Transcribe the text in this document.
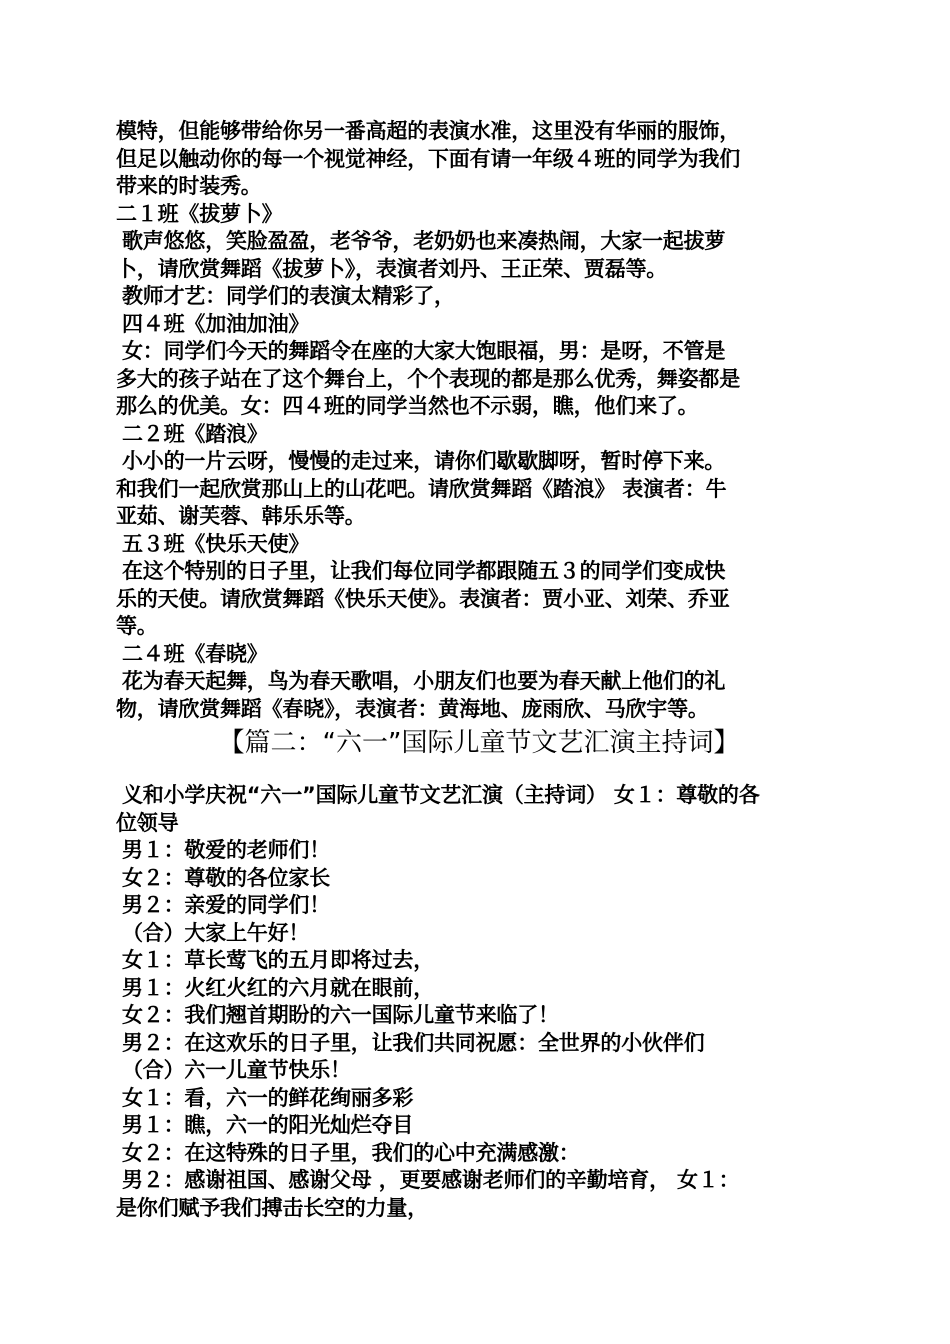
模特，但能够带给你另一番高超的表演水准，这里没有华丽的服饰，
但足以触动你的每一个视觉神经，下面有请一年级４班的同学为我们
带来的时装秀。
二１班《拔萝卜》
歌声悠悠，笑脸盈盈，老爷爷，老奶奶也来凑热闹，大家一起拔萝
卜，请欣赏舞蹈《拔萝卜》，表演者刘丹、王正荣、贾磊等。
教师才艺：同学们的表演太精彩了，
四４班《加油加油》
女：同学们今天的舞蹈令在座的大家大饱眼福，男：是呀，不管是
多大的孩子站在了这个舞台上，个个表现的都是那么优秀，舞姿都是
那么的优美。女：四４班的同学当然也不示弱，瞧，他们来了。
二２班《踏浪》
小小的一片云呀，慢慢的走过来，请你们歇歇脚呀，暂时停下来。
和我们一起欣赏那山上的山花吧。请欣赏舞蹈《踏浪》 表演者：牛
亚茹、谢芙蓉、韩乐乐等。
五３班《快乐天使》
在这个特别的日子里，让我们每位同学都跟随五３的同学们变成快
乐的天使。请欣赏舞蹈《快乐天使》。表演者：贾小亚、刘荣、乔亚
等。
二４班《春晓》
花为春天起舞，鸟为春天歌唱，小朋友们也要为春天献上他们的礼
物，请欣赏舞蹈《春晓》，表演者：黄海地、庞雨欣、马欣宇等。
【篇二：“六一”国际儿童节文艺汇演主持词】
义和小学庆祝“六一”国际儿童节文艺汇演（主持词） 女１：尊敬的各
位领导
男１：敬爱的老师们！
女２：尊敬的各位家长
男２：亲爱的同学们！
（合）大家上午好！
女１：草长莺飞的五月即将过去，
男１：火红火红的六月就在眼前，
女２：我们翘首期盼的六一国际儿童节来临了！
男２：在这欢乐的日子里，让我们共同祝愿：全世界的小伙伴们
（合）六一儿童节快乐！
女１：看，六一的鲜花绚丽多彩
男１：瞧，六一的阳光灿烂夺目
女２：在这特殊的日子里，我们的心中充满感激：
男２：感谢祖国、感谢父母 ，更要感谢老师们的辛勤培育， 女１：
是你们赋予我们搏击长空的力量，
